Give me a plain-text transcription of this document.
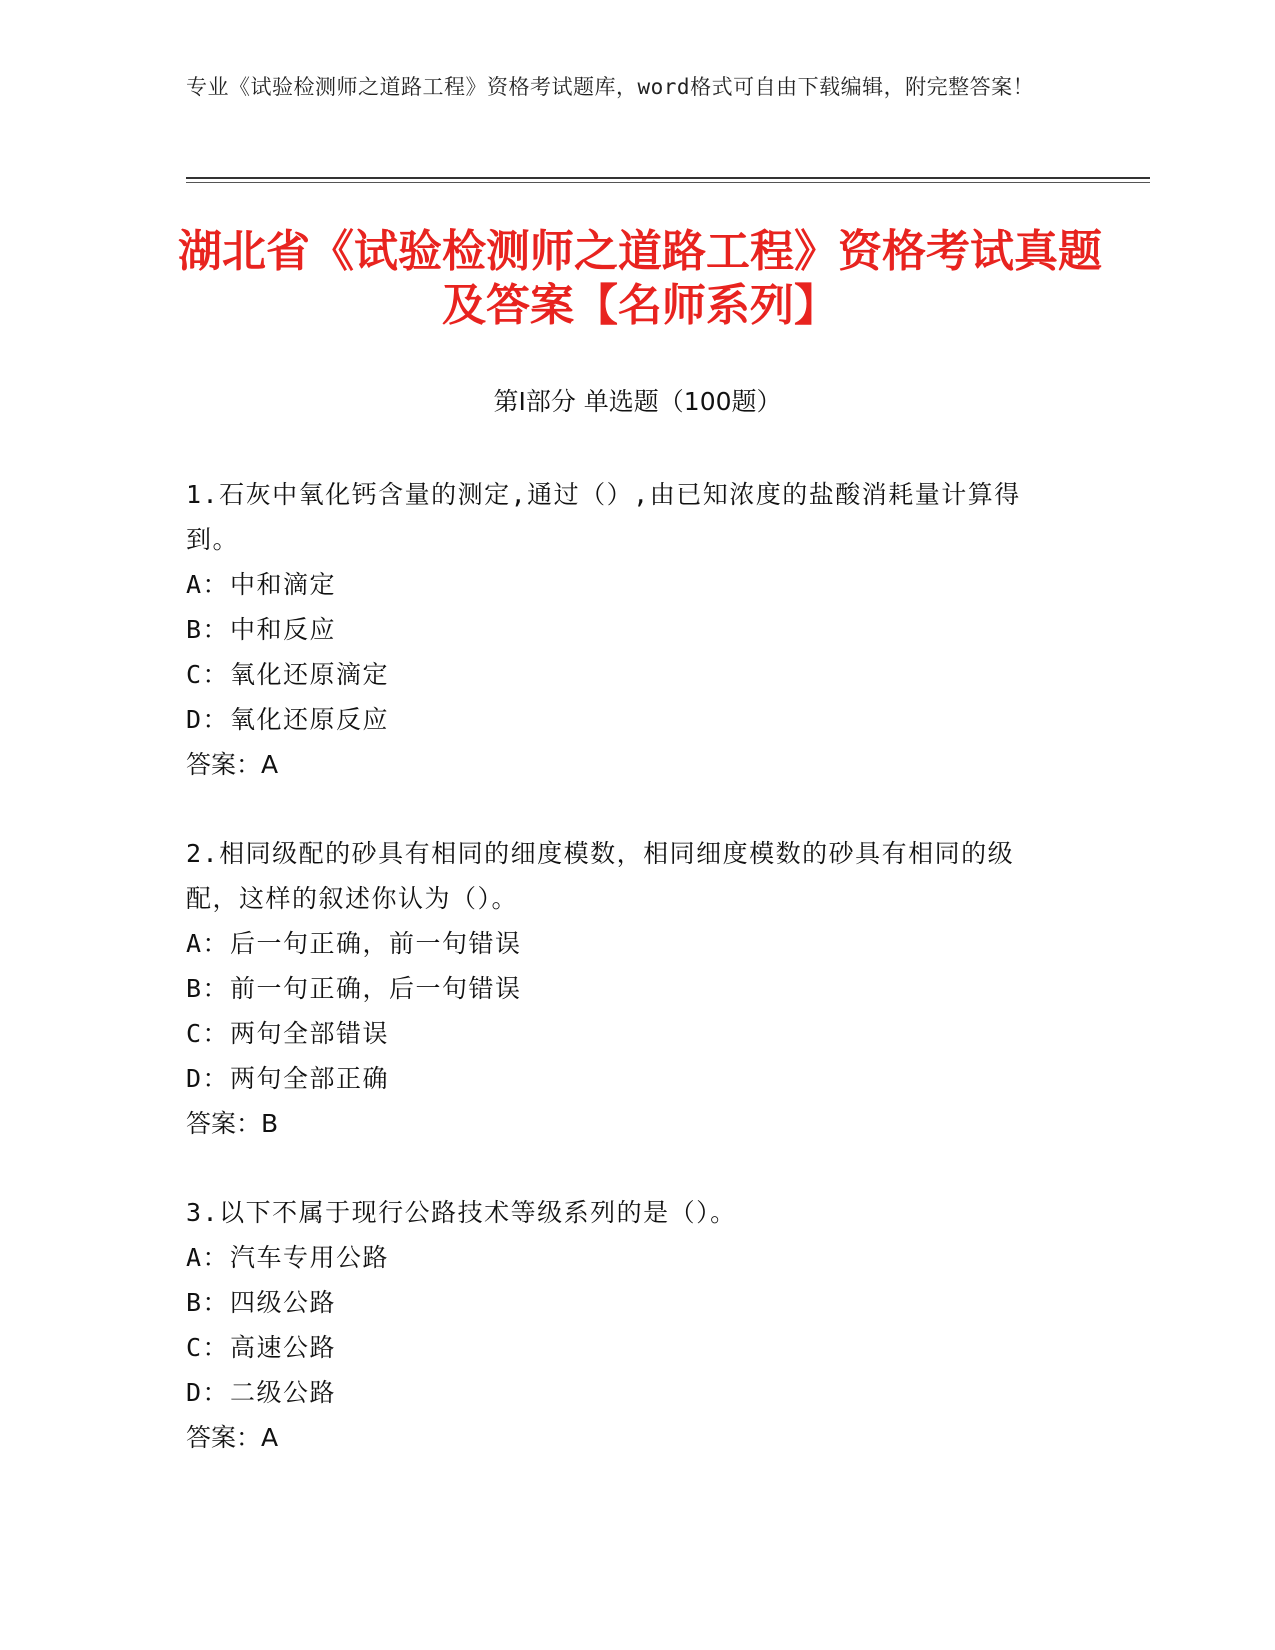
专业《试验检测师之道路工程》资格考试题库，word格式可自由下载编辑，附完整答案！
湖北省《试验检测师之道路工程》资格考试真题及答案【名师系列】
第Ⅰ部分 单选题（100题）
1.石灰中氧化钙含量的测定,通过（）,由已知浓度的盐酸消耗量计算得到。
A：中和滴定
B：中和反应
C：氧化还原滴定
D：氧化还原反应
答案：A
2.相同级配的砂具有相同的细度模数，相同细度模数的砂具有相同的级配，这样的叙述你认为（）。
A：后一句正确，前一句错误
B：前一句正确，后一句错误
C：两句全部错误
D：两句全部正确
答案：B
3.以下不属于现行公路技术等级系列的是（）。
A：汽车专用公路
B：四级公路
C：高速公路
D：二级公路
答案：A
